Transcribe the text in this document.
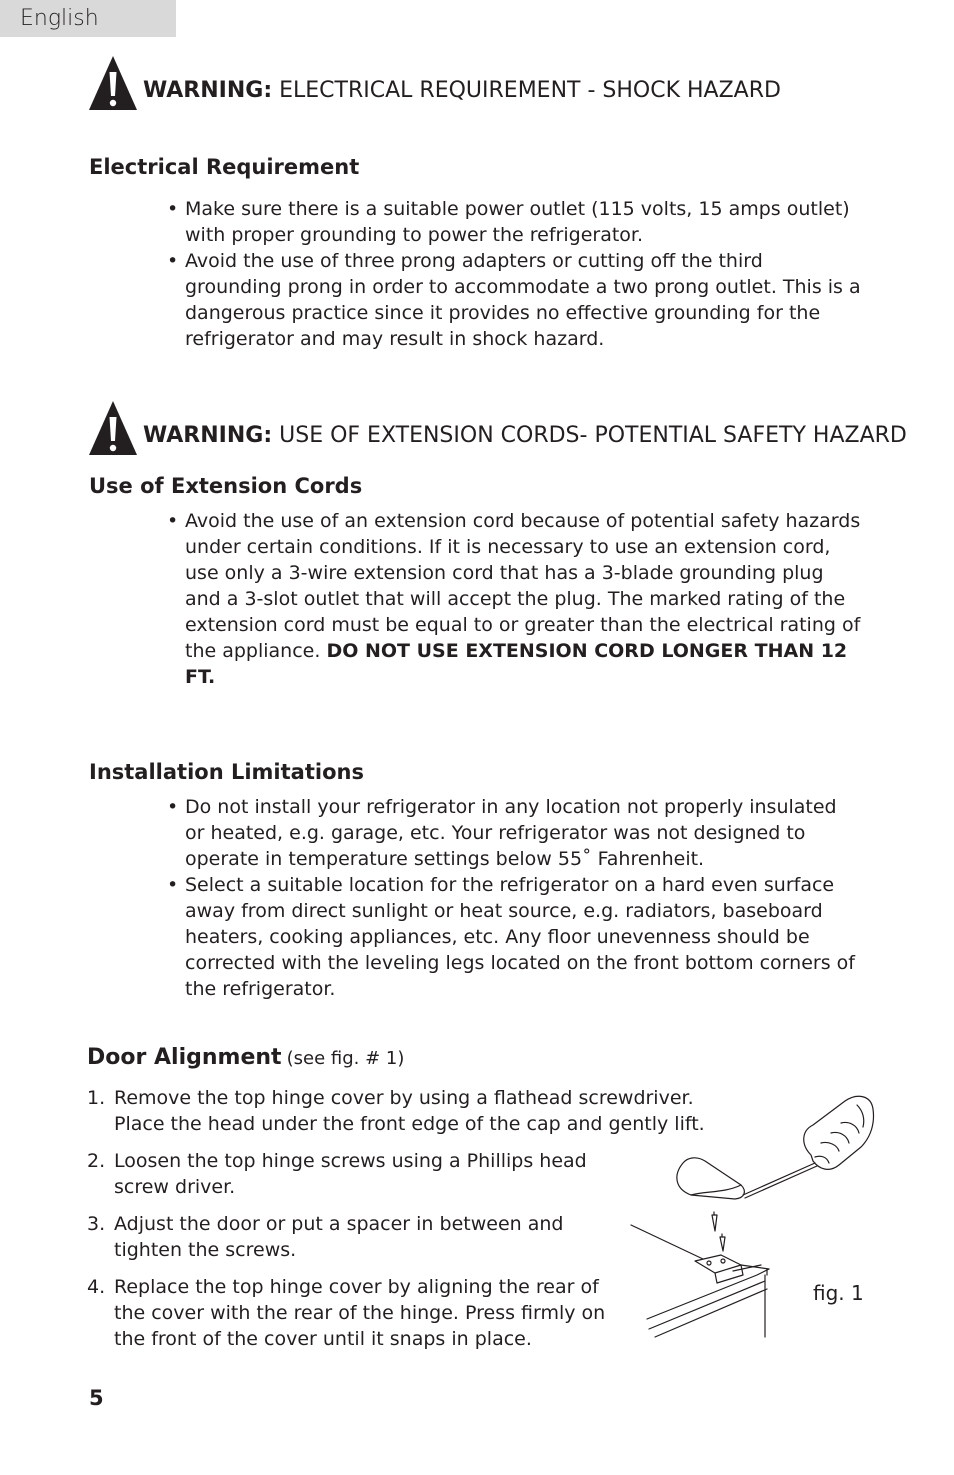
English
WARNING: ELECTRICAL REQUIREMENT - SHOCK HAZARD
Electrical Requirement
• Make sure there is a suitable power outlet (115 volts, 15 amps outlet) with proper grounding to power the refrigerator.
• Avoid the use of three prong adapters or cutting off the third grounding prong in order to accommodate a two prong outlet. This is a dangerous practice since it provides no effective grounding for the refrigerator and may result in shock hazard.
WARNING: USE OF EXTENSION CORDS- POTENTIAL SAFETY HAZARD
Use of Extension Cords
• Avoid the use of an extension cord because of potential safety hazards under certain conditions. If it is necessary to use an extension cord, use only a 3-wire extension cord that has a 3-blade grounding plug and a 3-slot outlet that will accept the plug. The marked rating of the extension cord must be equal to or greater than the electrical rating of the appliance. DO NOT USE EXTENSION CORD LONGER THAN 12 FT.
Installation Limitations
• Do not install your refrigerator in any location not properly insulated or heated, e.g. garage, etc. Your refrigerator was not designed to operate in temperature settings below 55˚ Fahrenheit.
• Select a suitable location for the refrigerator on a hard even surface away from direct sunlight or heat source, e.g. radiators, baseboard heaters, cooking appliances, etc. Any floor unevenness should be corrected with the leveling legs located on the front bottom corners of the refrigerator.
Door Alignment (see fig. # 1)
1. Remove the top hinge cover by using a flathead screwdriver. Place the head under the front edge of the cap and gently lift.
2. Loosen the top hinge screws using a Phillips head screw driver.
3. Adjust the door or put a spacer in between and tighten the screws.
4. Replace the top hinge cover by aligning the rear of the cover with the rear of the hinge. Press firmly on the front of the cover until it snaps in place.
fig. 1
5
